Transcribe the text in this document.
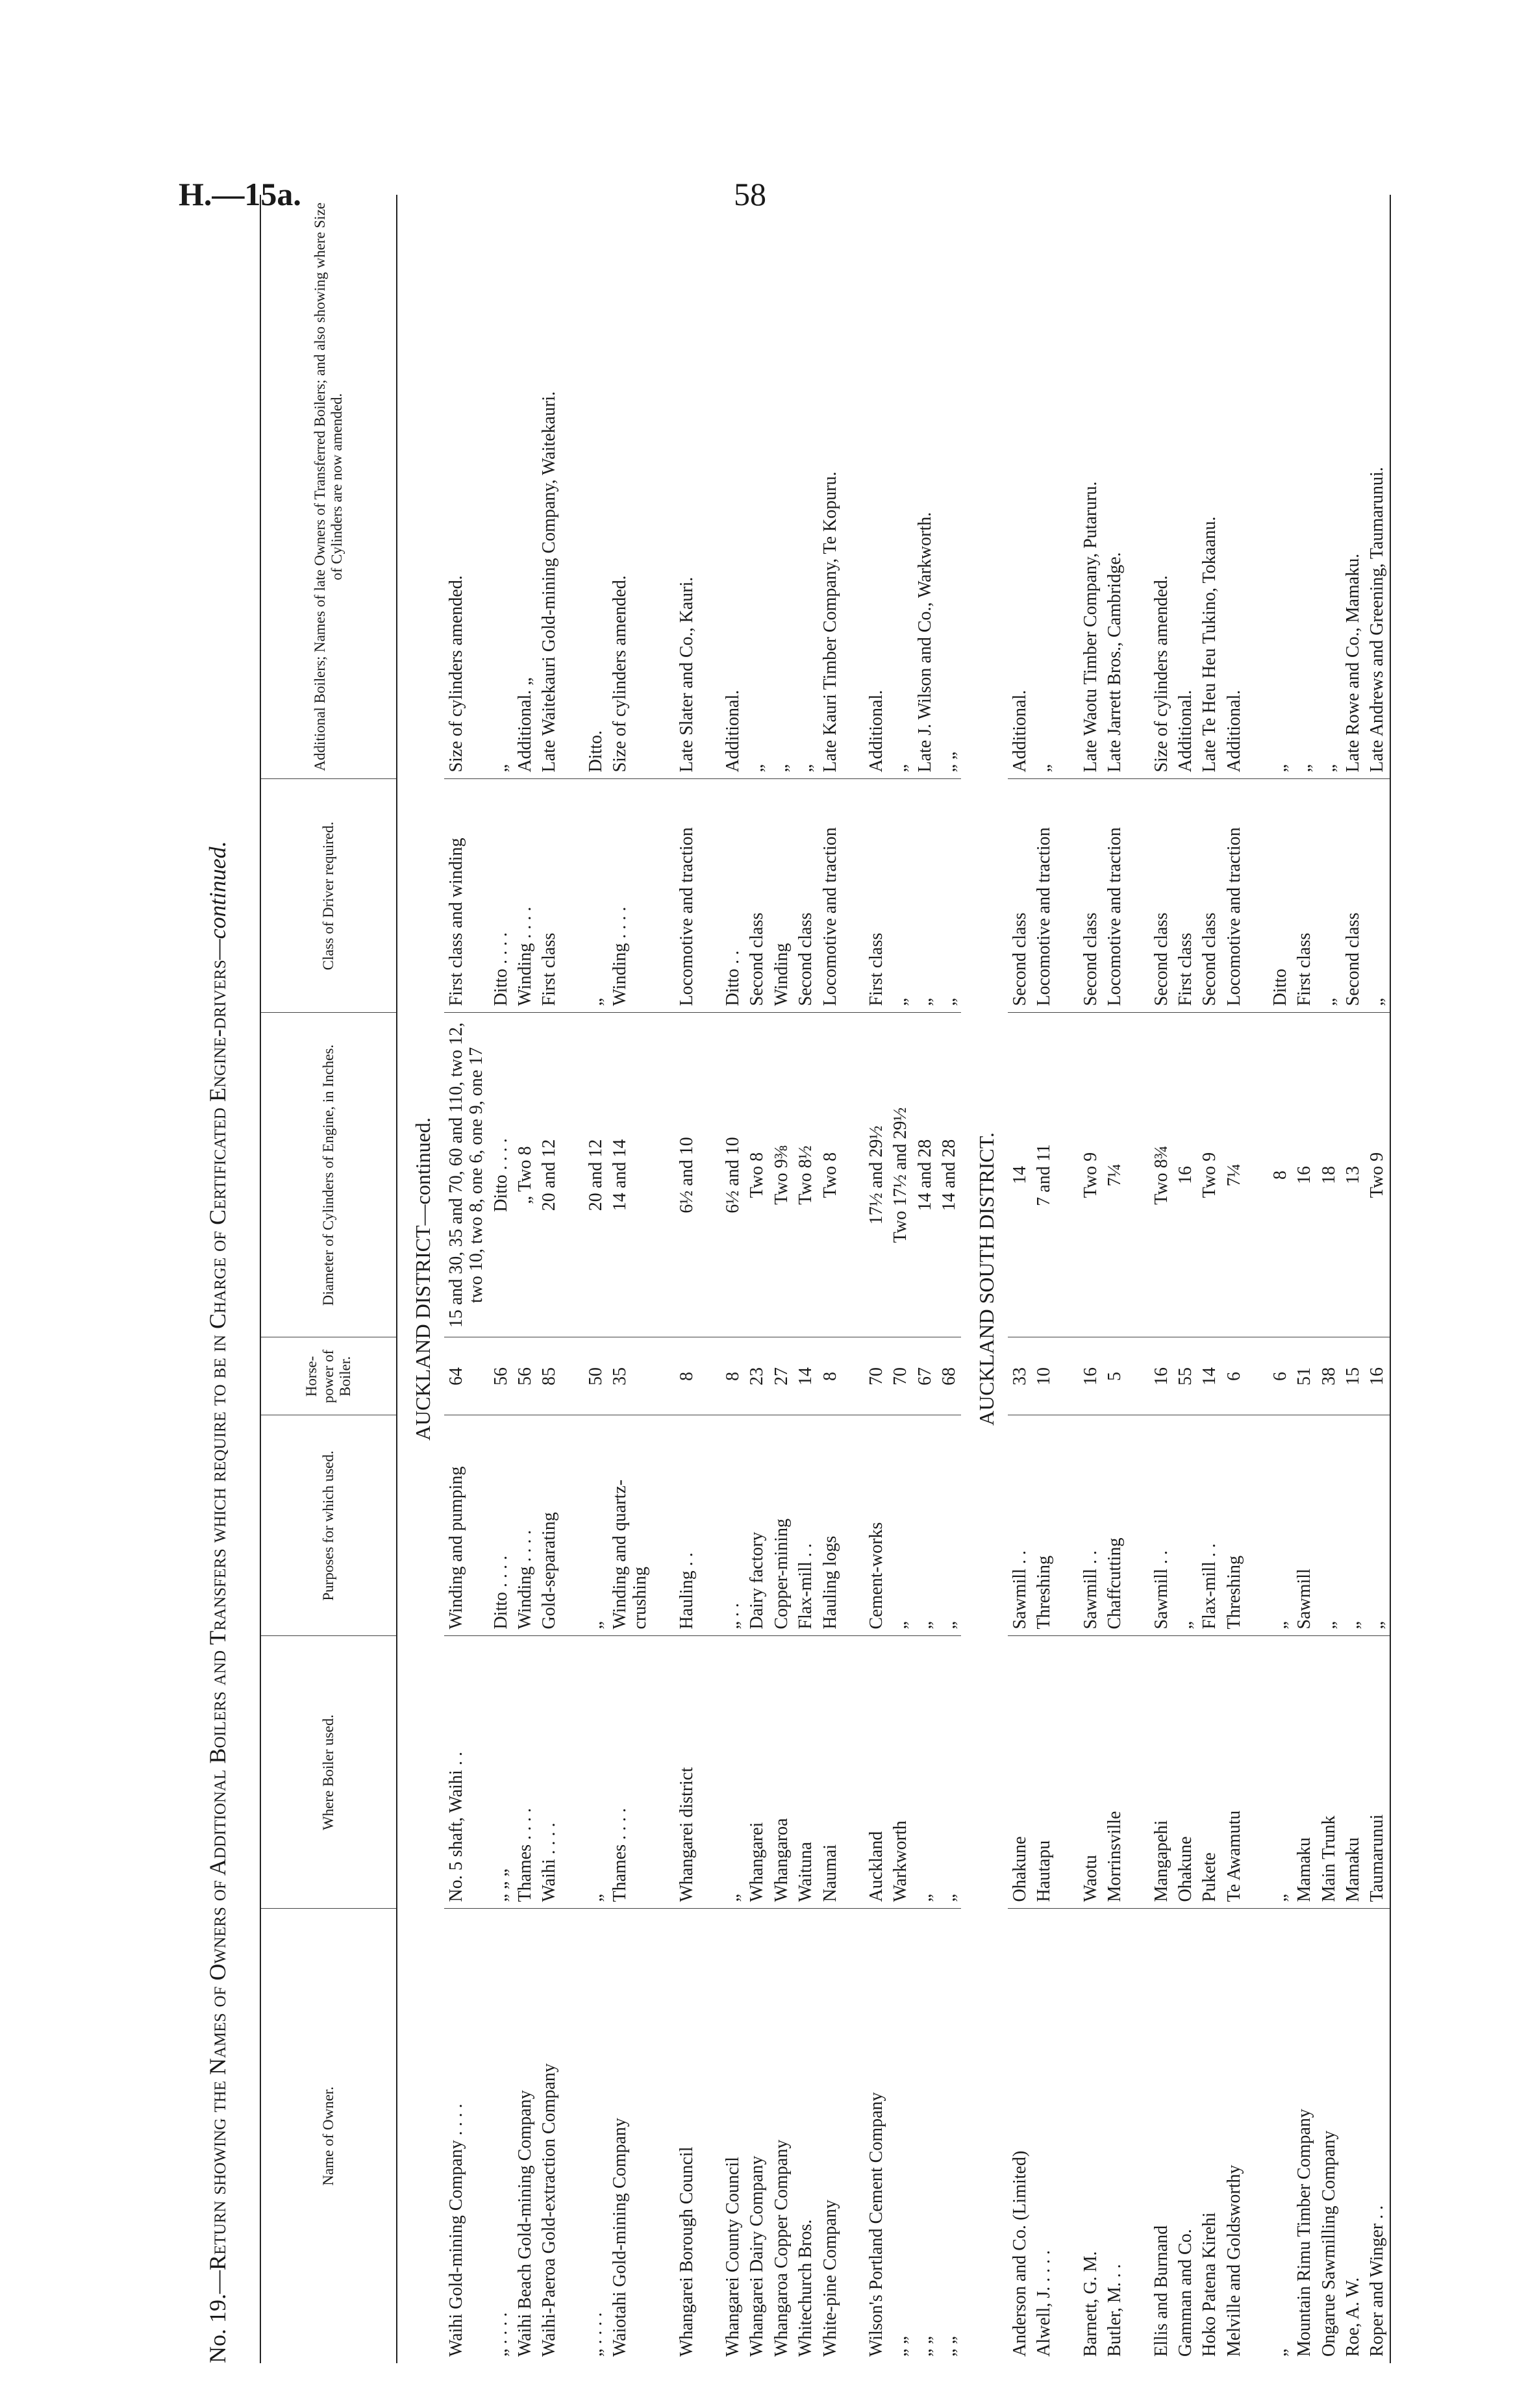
H.—15a.	58
No. 19.—Return showing the Names of Owners of Additional Boilers and Transfers which require to be in Charge of Certificated Engine-drivers—continued.
Name of Owner.	Where Boiler used.	Purposes for which used.	Horse-power of Boiler.	Diameter of Cylinders of Engine, in Inches.	Class of Driver required.	Additional Boilers; Names of late Owners of Transferred Boilers; and also showing where Size of Cylinders are now amended.
AUCKLAND DISTRICT—continued.						
Waihi Gold-mining Company . . . .	No. 5 shaft, Waihi . .	Winding and pumping	64	15 and 30, 35 and 70, 60 and 110, two 12, two 10, two 8, one 6, one 9, one 17	First class and winding	Size of cylinders amended.
„ . . . .	„ „ „	Ditto . . . .	56	Ditto . . . .	Ditto . . . .	„
Waihi Beach Gold-mining Company	Thames . . . .	Winding . . . .	56	„ Two 8	Winding . . . .	Additional. „
Waihi-Paeroa Gold-extraction Company	Waihi . . . .	Gold-separating	85	20 and 12	First class	Late Waitekauri Gold-mining Company, Waitekauri.

„ . . . .	„	„	50	20 and 12	„	Ditto.
Waiotahi Gold-mining Company	Thames . . . .	Winding and quartz-crushing	35	14 and 14	Winding . . . .	Size of cylinders amended.

Whangarei Borough Council	Whangarei district	Hauling . .	8	6½ and 10	Locomotive and traction	Late Slater and Co., Kauri.

Whangarei County Council	„	„ . .	8	6½ and 10	Ditto . .	Additional.
Whangarei Dairy Company	Whangarei	Dairy factory	23	Two 8	Second class	„
Whangaroa Copper Company	Whangaroa	Copper-mining	27	Two 9⅜	Winding	„
Whitechurch Bros.	Waituna	Flax-mill . .	14	Two 8½	Second class	„
White-pine Company	Naumai	Hauling logs	8	Two 8	Locomotive and traction	Late Kauri Timber Company, Te Kopuru.

Wilson's Portland Cement Company	Auckland	Cement-works	70	17½ and 29½	First class	Additional.
„ „	Warkworth	„	70	Two 17½ and 29½	„	„
„ „	„	„	67	14 and 28	„	Late J. Wilson and Co., Warkworth.
„ „	„	„	68	14 and 28	„	„ „
AUCKLAND SOUTH DISTRICT.						
Anderson and Co. (Limited)	Ohakune	Sawmill . .	33	14	Second class	Additional.
Alwell, J. . . . .	Hautapu	Threshing	10	7 and 11	Locomotive and traction	„

Barnett, G. M.	Waotu	Sawmill . .	16	Two 9	Second class	Late Waotu Timber Company, Putaruru.
Butler, M. . .	Morrinsville	Chaffcutting	5	7¼	Locomotive and traction	Late Jarrett Bros., Cambridge.

Ellis and Burnand	Mangapehi	Sawmill . .	16	Two 8¾	Second class	Size of cylinders amended.
Gamman and Co.	Ohakune	„	55	16	First class	Additional.
Hoko Patena Kirehi	Pukete	Flax-mill . .	14	Two 9	Second class	Late Te Heu Heu Tukino, Tokaanu.
Melville and Goldsworthy	Te Awamutu	Threshing	6	7¼	Locomotive and traction	Additional.

„	„	„	6	8	Ditto	„
Mountain Rimu Timber Company	Mamaku	Sawmill	51	16	First class	„
Ongarue Sawmilling Company	Main Trunk	„	38	18	„	„
Roe, A. W.	Mamaku	„	15	13	Second class	Late Rowe and Co., Mamaku.
Roper and Winger . .	Taumarunui	„	16	Two 9	„	Late Andrews and Greening, Taumarunui.
